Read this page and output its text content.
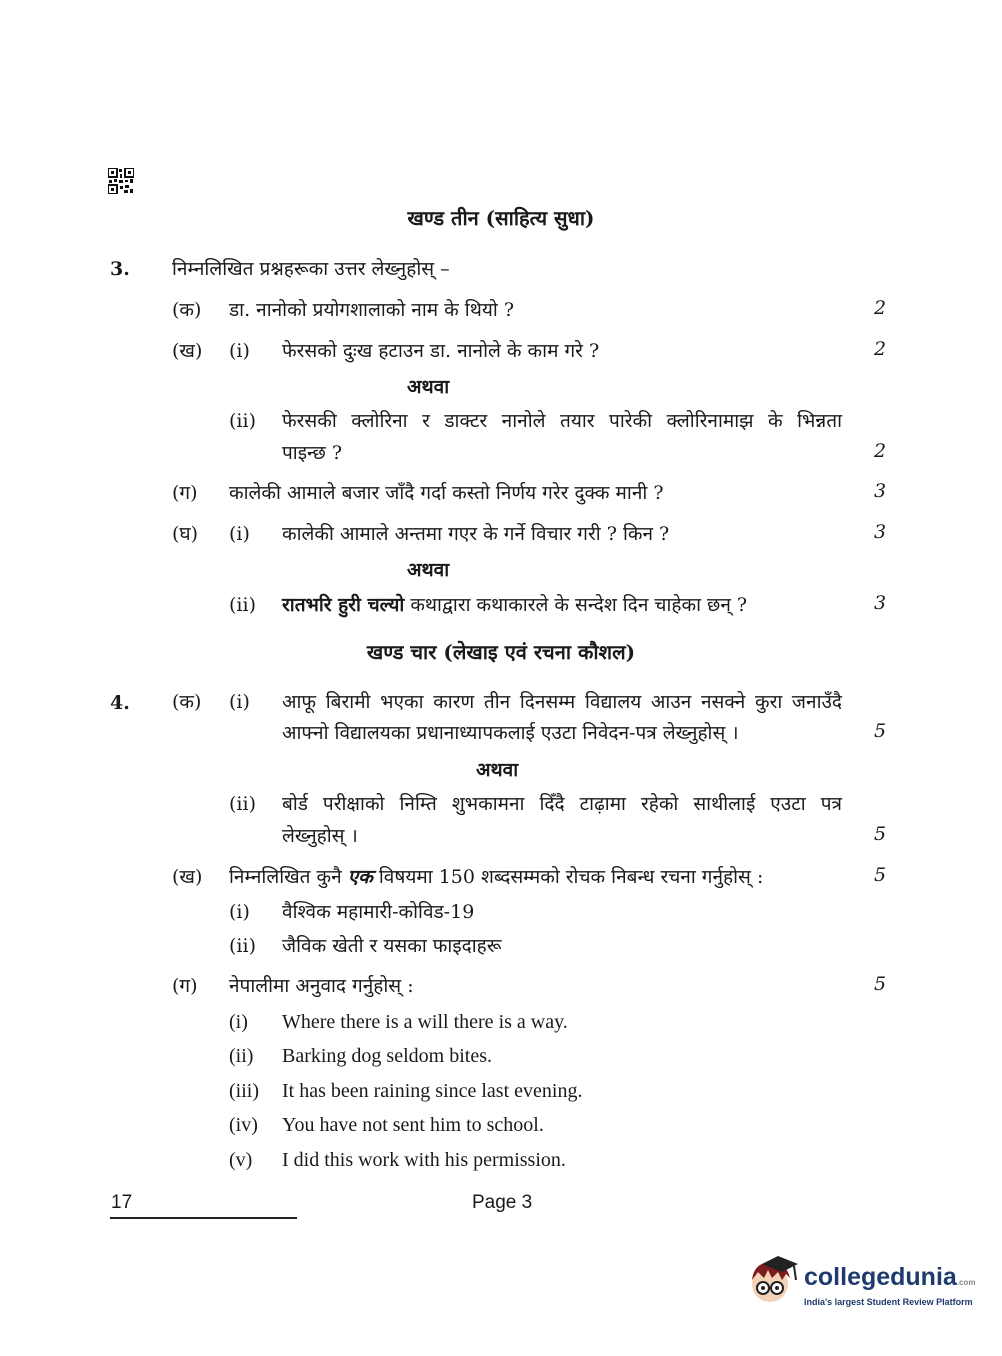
खण्ड तीन (साहित्य सुधा)
3. निम्नलिखित प्रश्नहरूका उत्तर लेख्नुहोस् –
(क) डा. नानोको प्रयोगशालाको नाम के थियो ?	2
(ख) (i) फेरसको दुःख हटाउन डा. नानोले के काम गरे ?	2
अथवा
(ii) फेरसकी क्लोरिना र डाक्टर नानोले तयार पारेकी क्लोरिनामाझ के भिन्नता
पाइन्छ ?	2
(ग) कालेकी आमाले बजार जाँदै गर्दा कस्तो निर्णय गरेर दुक्क मानी ?	3
(घ) (i) कालेकी आमाले अन्तमा गएर के गर्ने विचार गरी ? किन ?	3
अथवा
(ii) रातभरि हुरी चल्यो कथाद्वारा कथाकारले के सन्देश दिन चाहेका छन् ?	3
खण्ड चार (लेखाइ एवं रचना कौशल)
4. (क) (i) आफू बिरामी भएका कारण तीन दिनसम्म विद्यालय आउन नसक्ने कुरा जनाउँदै
आफ्नो विद्यालयका प्रधानाध्यापकलाई एउटा निवेदन-पत्र लेख्नुहोस् ।	5
अथवा
(ii) बोर्ड परीक्षाको निम्ति शुभकामना दिँदै टाढ़ामा रहेको साथीलाई एउटा पत्र
लेख्नुहोस् ।	5
(ख) निम्नलिखित कुनै एक विषयमा 150 शब्दसम्मको रोचक निबन्ध रचना गर्नुहोस् :	5
(i) वैश्विक महामारी-कोविड-19
(ii) जैविक खेती र यसका फाइदाहरू
(ग) नेपालीमा अनुवाद गर्नुहोस् :	5
(i) Where there is a will there is a way.
(ii) Barking dog seldom bites.
(iii) It has been raining since last evening.
(iv) You have not sent him to school.
(v) I did this work with his permission.
17	Page 3
collegedunia.com
India's largest Student Review Platform
